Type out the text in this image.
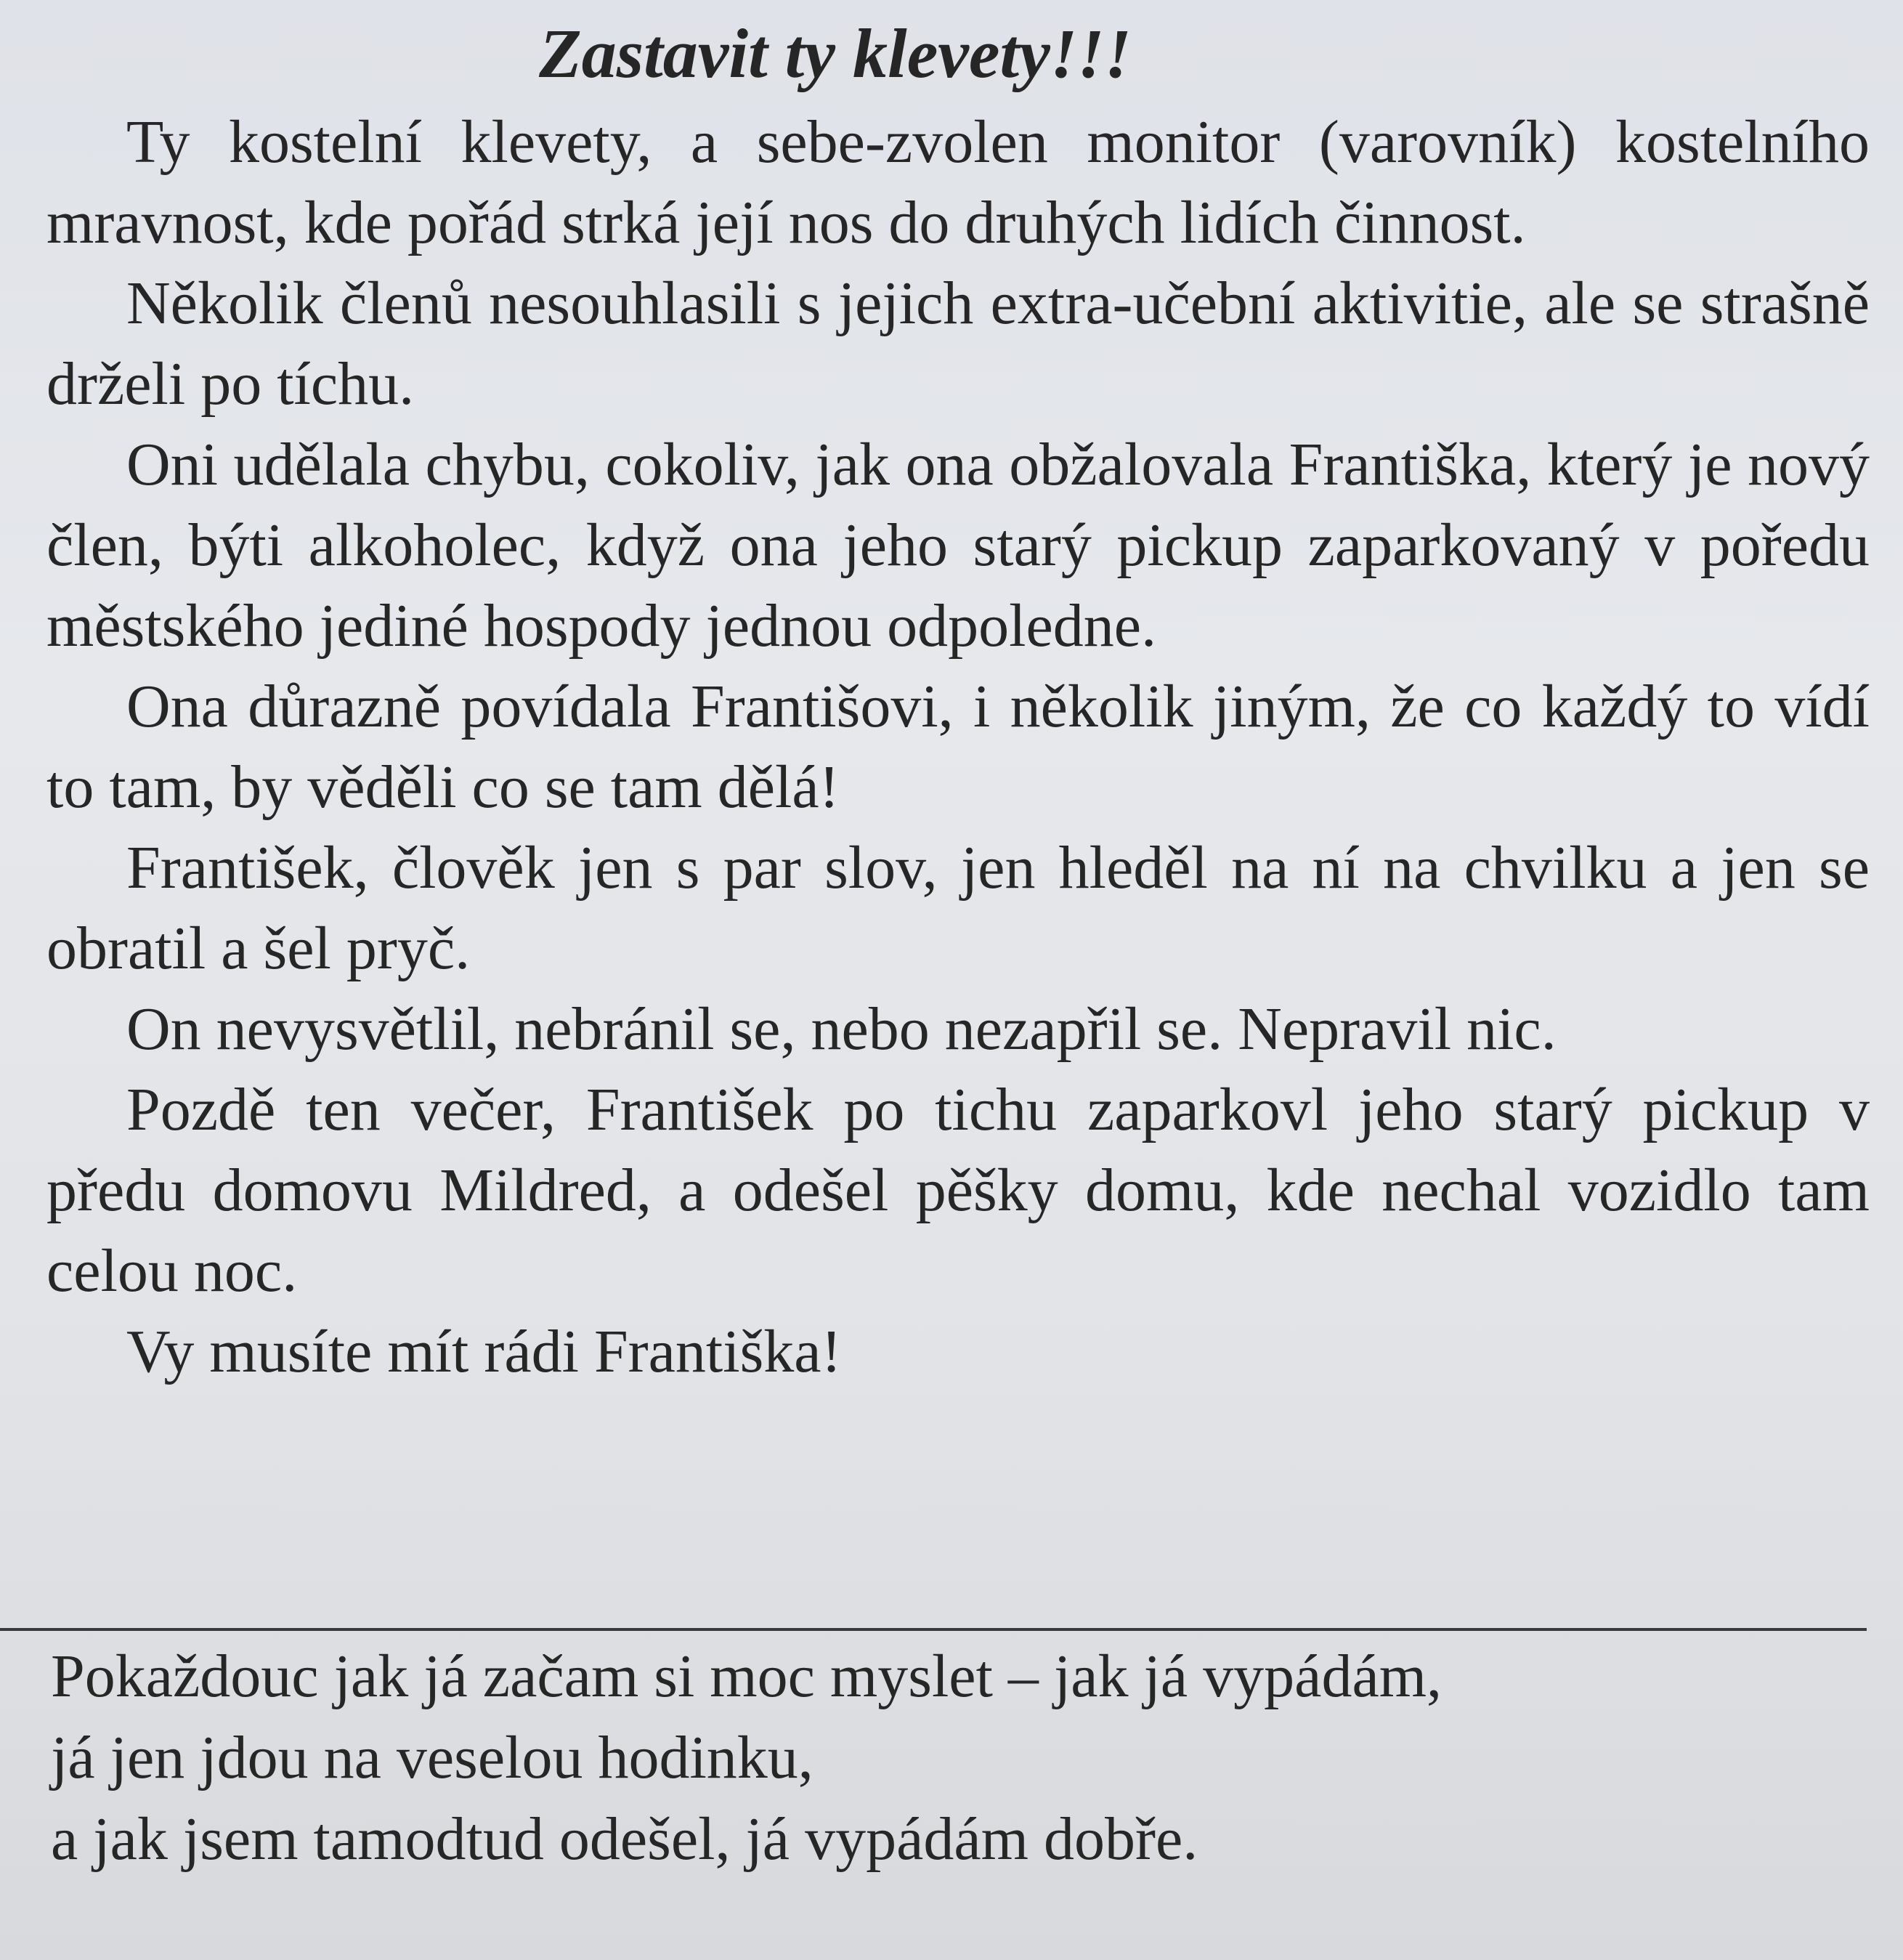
Zastavit ty klevety!!!

Ty kostelní klevety, a sebe-zvolen monitor (varovník) kostelního mravnost, kde pořád strká její nos do druhých lidích činnost.

Několik členů nesouhlasili s jejich extra-učební aktivitie, ale se strašně drželi po tíchu.

Oni udělala chybu, cokoliv, jak ona obžalovala Františka, který je nový člen, býti alkoholec, když ona jeho starý pickup zaparkovaný v poředu městského jediné hospody jednou odpoledne.

Ona důrazně povídala Františovi, i několik jiným, že co každý to vídí to tam, by věděli co se tam dělá!

František, člověk jen s par slov, jen hleděl na ní na chvilku a jen se obratil a šel pryč.

On nevysvětlil, nebránil se, nebo nezapřil se. Nepravil nic.

Pozdě ten večer, František po tichu zaparkovl jeho starý pickup v předu domovu Mildred, a odešel pěšky domu, kde nechal vozidlo tam celou noc.

Vy musíte mít rádi Františka!

Pokaždouc jak já začam si moc myslet – jak já vypádám,
já jen jdou na veselou hodinku,
a jak jsem tamodtud odešel, já vypádám dobře.
